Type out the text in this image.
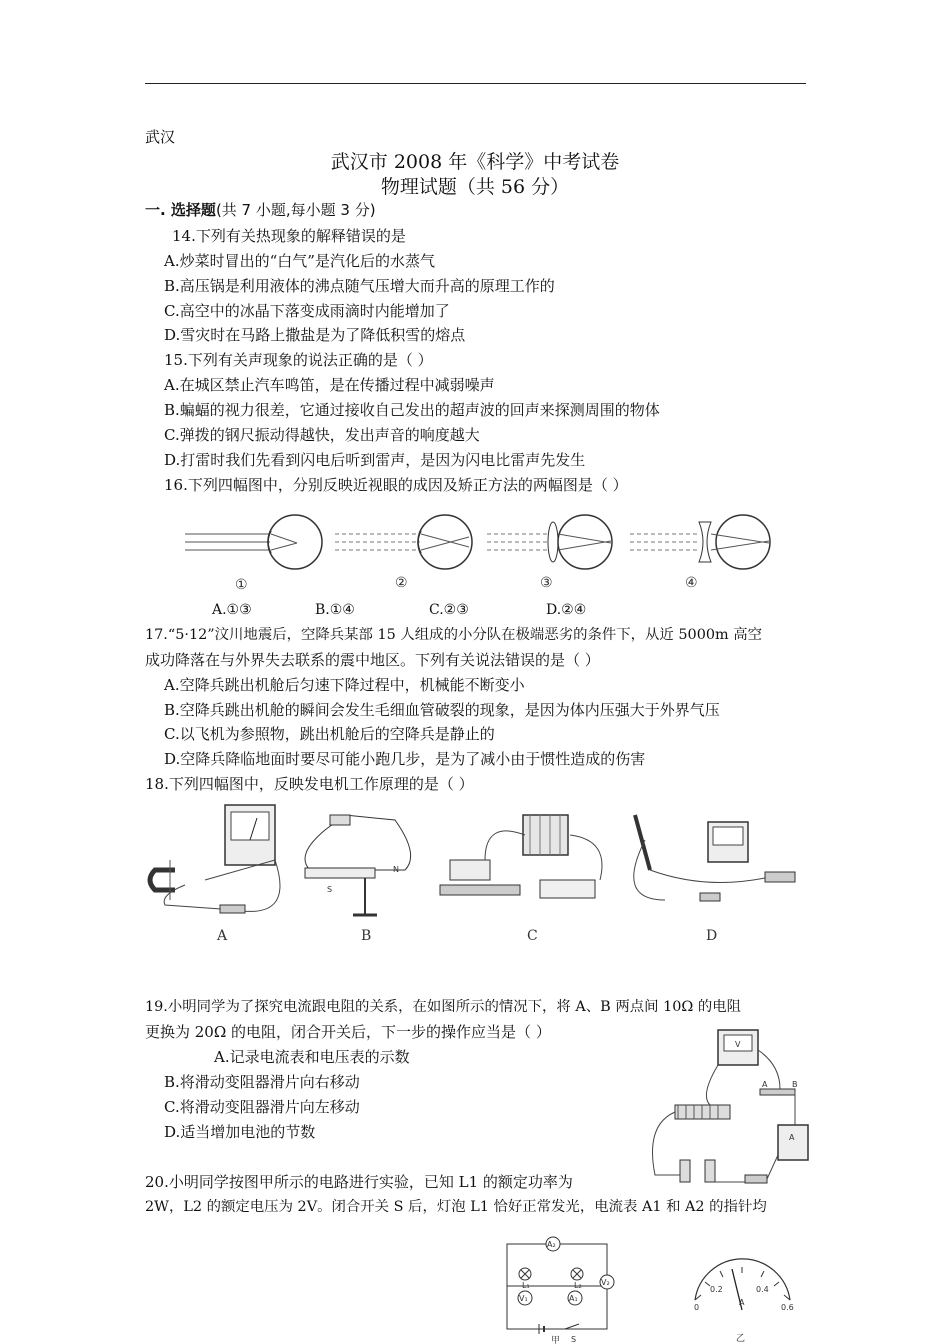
武汉
武汉市 2008 年《科学》中考试卷
物理试题（共 56 分）
一. 选择题(共 7 小题,每小题 3 分)
14.下列有关热现象的解释错误的是
A.炒菜时冒出的“白气”是汽化后的水蒸气
B.高压锅是利用液体的沸点随气压增大而升高的原理工作的
C.高空中的冰晶下落变成雨滴时内能增加了
D.雪灾时在马路上撒盐是为了降低积雪的熔点
15.下列有关声现象的说法正确的是（ ）
A.在城区禁止汽车鸣笛，是在传播过程中减弱噪声
B.蝙蝠的视力很差，它通过接收自己发出的超声波的回声来探测周围的物体
C.弹拨的钢尺振动得越快，发出声音的响度越大
D.打雷时我们先看到闪电后听到雷声，是因为闪电比雷声先发生
16.下列四幅图中，分别反映近视眼的成因及矫正方法的两幅图是（ ）
①	②	③	④
A.①③	B.①④	C.②③	D.②④
17.“5·12”汶川地震后，空降兵某部 15 人组成的小分队在极端恶劣的条件下，从近 5000m 高空
成功降落在与外界失去联系的震中地区。下列有关说法错误的是（ ）
A.空降兵跳出机舱后匀速下降过程中，机械能不断变小
B.空降兵跳出机舱的瞬间会发生毛细血管破裂的现象，是因为体内压强大于外界气压
C.以飞机为参照物，跳出机舱后的空降兵是静止的
D.空降兵降临地面时要尽可能小跑几步，是为了减小由于惯性造成的伤害
18.下列四幅图中，反映发电机工作原理的是（ ）
S
N
A	B	C	D
19.小明同学为了探究电流跟电阻的关系，在如图所示的情况下，将 A、B 两点间 10Ω 的电阻
更换为 20Ω 的电阻，闭合开关后，下一步的操作应当是（ ）
A.记录电流表和电压表的示数
B.将滑动变阻器滑片向右移动
C.将滑动变阻器滑片向左移动
D.适当增加电池的节数
V
A
A	B
20.小明同学按图甲所示的电路进行实验，已知 L1 的额定功率为
2W，L2 的额定电压为 2V。闭合开关 S 后，灯泡 L1 恰好正常发光，电流表 A1 和 A2 的指针均
A₂
L₁	L₂ V₂
V₁	A₁
S
甲
0
0.2	0.4
0.6
A
乙
